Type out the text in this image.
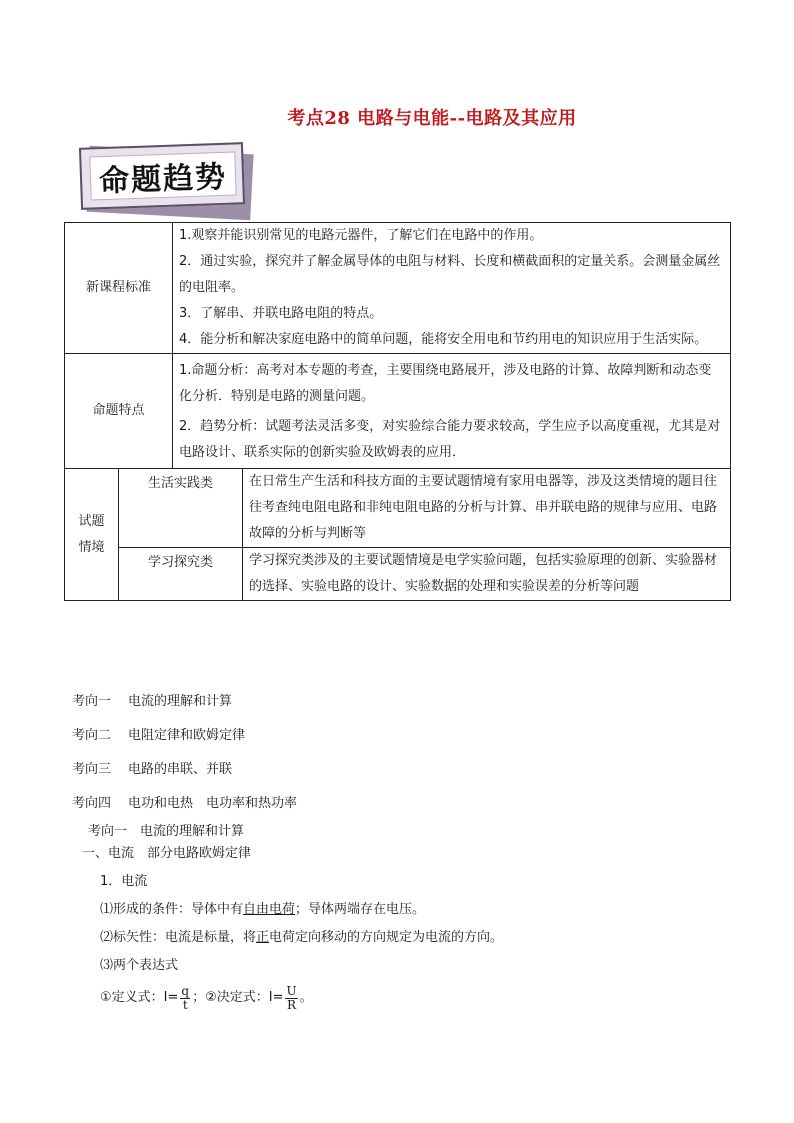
考点28 电路与电能--电路及其应用
命题趋势
新课程标准		1.观察并能识别常见的电路元器件，了解它们在电路中的作用。

2．通过实验，探究并了解金属导体的电阻与材料、长度和横截面积的定量关系。会测量金属丝的电阻率。

3．了解串、并联电路电阻的特点。

4．能分析和解决家庭电路中的简单问题，能将安全用电和节约用电的知识应用于生活实际。	

命题特点		1.命题分析：高考对本专题的考查，主要围绕电路展开，涉及电路的计算、故障判断和动态变化分析．特别是电路的测量问题。

2．趋势分析：试题考法灵活多变，对实验综合能力要求较高，学生应予以高度重视，尤其是对电路设计、联系实际的创新实验及欧姆表的应用．	

试题情境	生活实践类		在日常生产生活和科技方面的主要试题情境有家用电器等，涉及这类情境的题目往往考查纯电阻电路和非纯电阻电路的分析与计算、串并联电路的规律与应用、电路故障的分析与判断等

	学习探究类		学习探究类涉及的主要试题情境是电学实验问题，包括实验原理的创新、实验器材的选择、实验电路的设计、实验数据的处理和实验误差的分析等问题
考向一 电流的理解和计算
考向二 电阻定律和欧姆定律
考向三 电路的串联、并联
考向四 电功和电热　电功率和热功率
考向一　电流的理解和计算
一、电流　部分电路欧姆定律
1．电流
⑴形成的条件：导体中有自由电荷；导体两端存在电压。
⑵标矢性：电流是标量，将正电荷定向移动的方向规定为电流的方向。
⑶两个表达式
①定义式：$I= \frac{q}{t}$ ；②决定式：$I= \frac{U}{R}$ 。
